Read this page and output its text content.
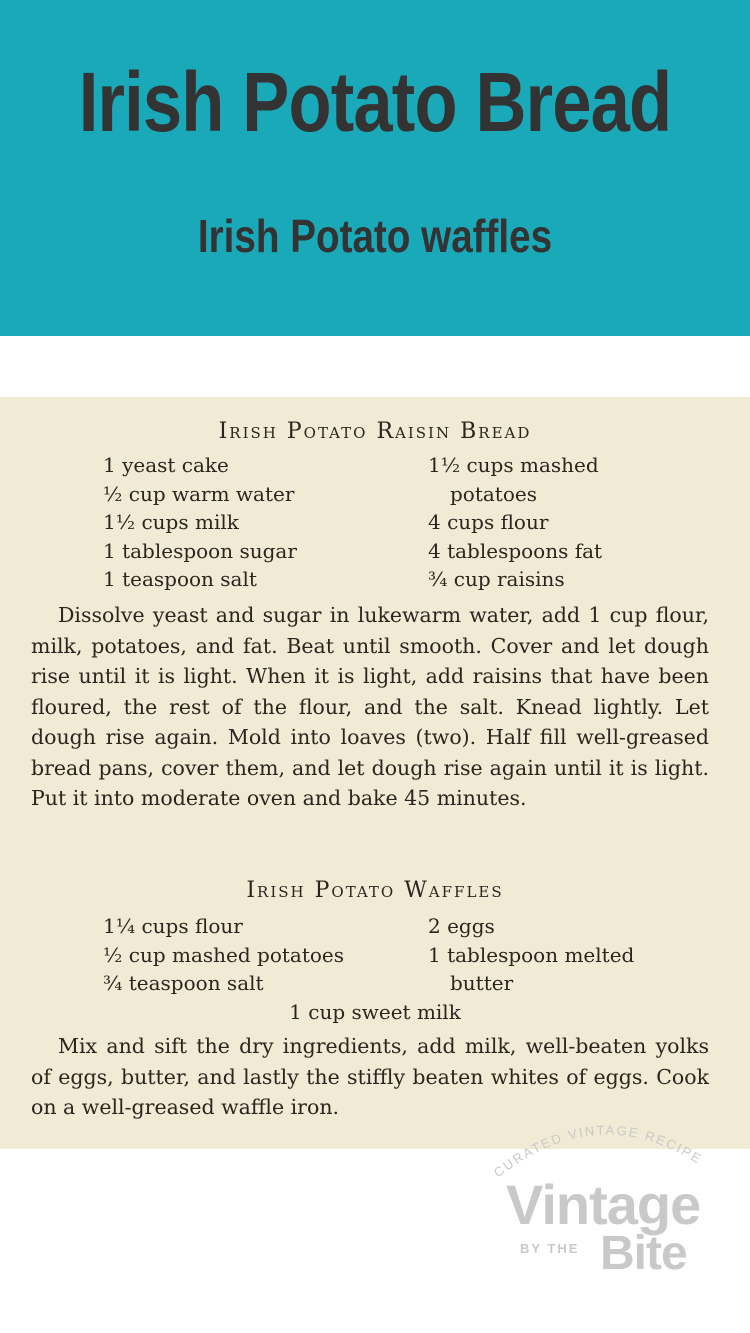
Irish Potato Bread
Irish Potato waffles
Irish Potato Raisin Bread
1 yeast cake
½ cup warm water
1½ cups milk
1 tablespoon sugar
1 teaspoon salt
1½ cups mashed
potatoes
4 cups flour
4 tablespoons fat
¾ cup raisins
Dissolve yeast and sugar in lukewarm water, add 1 cup flour, milk, potatoes, and fat. Beat until smooth. Cover and let dough rise until it is light. When it is light, add raisins that have been floured, the rest of the flour, and the salt. Knead lightly. Let dough rise again. Mold into loaves (two). Half fill well-greased bread pans, cover them, and let dough rise again until it is light. Put it into moderate oven and bake 45 minutes.
Irish Potato Waffles
1¼ cups flour
½ cup mashed potatoes
¾ teaspoon salt
2 eggs
1 tablespoon melted
butter
1 cup sweet milk
Mix and sift the dry ingredients, add milk, well-beaten yolks of eggs, butter, and lastly the stiffly beaten whites of eggs. Cook on a well-greased waffle iron.
CURATED VINTAGE RECIPE
Vintage
BY THE Bite
